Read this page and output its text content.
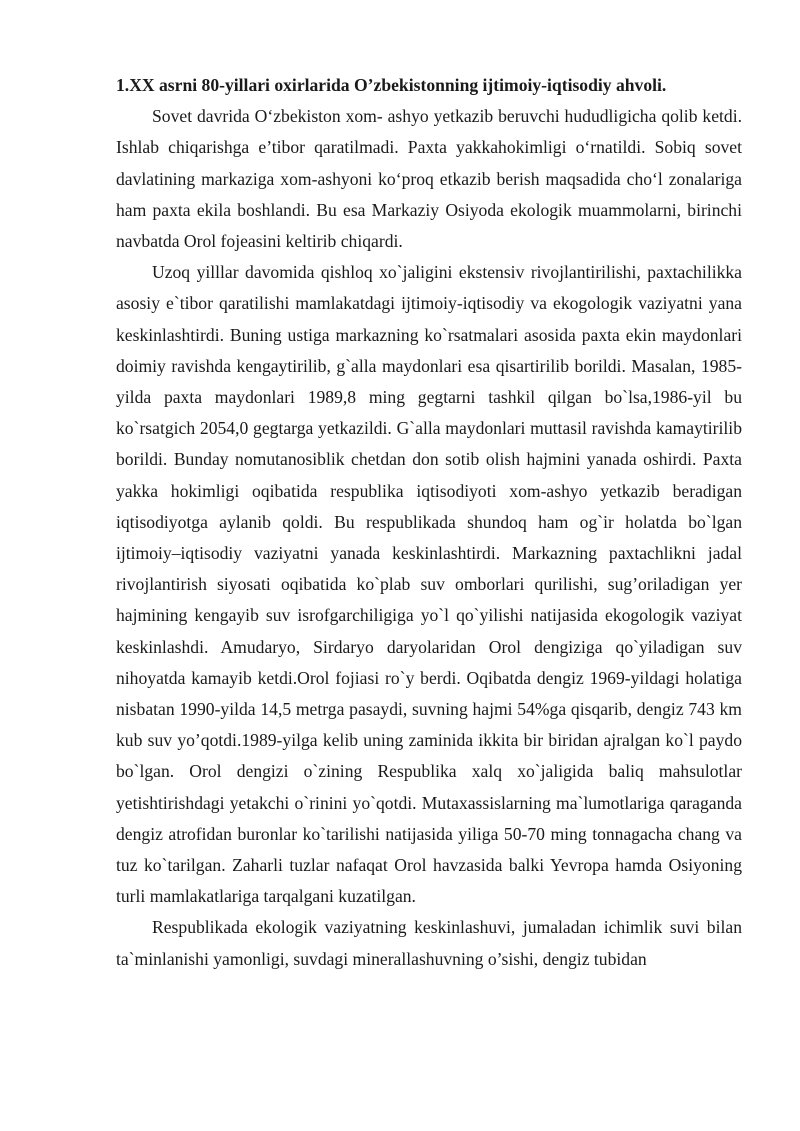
1.XX asrni 80-yillari oxirlarida O’zbekistonning ijtimoiy-iqtisodiy ahvoli.

Sovet davrida O‘zbekiston xom- ashyo yetkazib beruvchi hududligicha qolib ketdi. Ishlab chiqarishga e’tibor qaratilmadi. Paxta yakkahokimligi o‘rnatildi. Sobiq sovet davlatining markaziga xom-ashyoni ko‘proq etkazib berish maqsadida cho‘l zonalariga ham paxta ekila boshlandi. Bu esa Markaziy Osiyoda ekologik muammolarni, birinchi navbatda Orol fojeasini keltirib chiqardi.

Uzoq yilllar davomida qishloq xo`jaligini ekstensiv rivojlantirilishi, paxtachilikka asosiy e`tibor qaratilishi mamlakatdagi ijtimoiy-iqtisodiy va ekogologik vaziyatni yana keskinlashtirdi. Buning ustiga markazning ko`rsatmalari asosida paxta ekin maydonlari doimiy ravishda kengaytirilib, g`alla maydonlari esa qisartirilib borildi. Masalan, 1985-yilda paxta maydonlari 1989,8 ming gegtarni tashkil qilgan bo`lsa,1986-yil bu ko`rsatgich 2054,0 gegtarga yetkazildi. G`alla maydonlari muttasil ravishda kamaytirilib borildi. Bunday nomutanosiblik chetdan don sotib olish hajmini yanada oshirdi. Paxta yakka hokimligi oqibatida respublika iqtisodiyoti xom-ashyo yetkazib beradigan iqtisodiyotga aylanib qoldi. Bu respublikada shundoq ham og`ir holatda bo`lgan ijtimoiy–iqtisodiy vaziyatni yanada keskinlashtirdi. Markazning paxtachlikni jadal rivojlantirish siyosati oqibatida ko`plab suv omborlari qurilishi, sug’oriladigan yer hajmining kengayib suv isrofgarchiligiga yo`l qo`yilishi natijasida ekogologik vaziyat keskinlashdi. Amudaryo, Sirdaryo daryolaridan Orol dengiziga qo`yiladigan suv nihoyatda kamayib ketdi.Orol fojiasi ro`y berdi. Oqibatda dengiz 1969-yildagi holatiga nisbatan 1990-yilda 14,5 metrga pasaydi, suvning hajmi 54%ga qisqarib, dengiz 743 km kub suv yo’qotdi.1989-yilga kelib uning zaminida ikkita bir biridan ajralgan ko`l paydo bo`lgan. Orol dengizi o`zining Respublika xalq xo`jaligida baliq mahsulotlar yetishtirishdagi yetakchi o`rinini yo`qotdi. Mutaxassislarning ma`lumotlariga qaraganda dengiz atrofidan buronlar ko`tarilishi natijasida yiliga 50-70 ming tonnagacha chang va tuz ko`tarilgan. Zaharli tuzlar nafaqat Orol havzasida balki Yevropa hamda Osiyoning turli mamlakatlariga tarqalgani kuzatilgan.

Respublikada ekologik vaziyatning keskinlashuvi, jumaladan ichimlik suvi bilan ta`minlanishi yamonligi, suvdagi minerallashuvning o’sishi, dengiz tubidan
